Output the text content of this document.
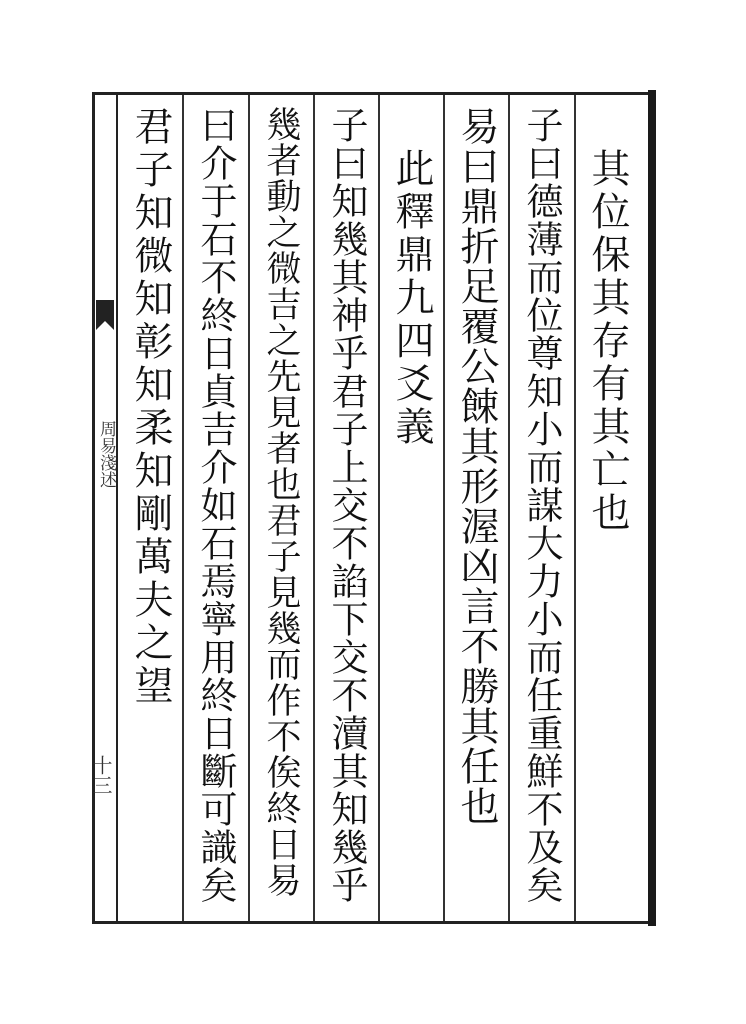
周易淺述
十三
其位保其存有其亡也
子曰德薄而位尊知小而謀大力小而任重鮮不及矣
易曰鼎折足覆公餗其形渥凶言不勝其任也
此釋鼎九四爻義
子曰知幾其神乎君子上交不諂下交不瀆其知幾乎
幾者動之微吉之先見者也君子見幾而作不俟終日易
曰介于石不終日貞吉介如石焉寧用終日斷可識矣
君子知微知彰知柔知剛萬夫之望
